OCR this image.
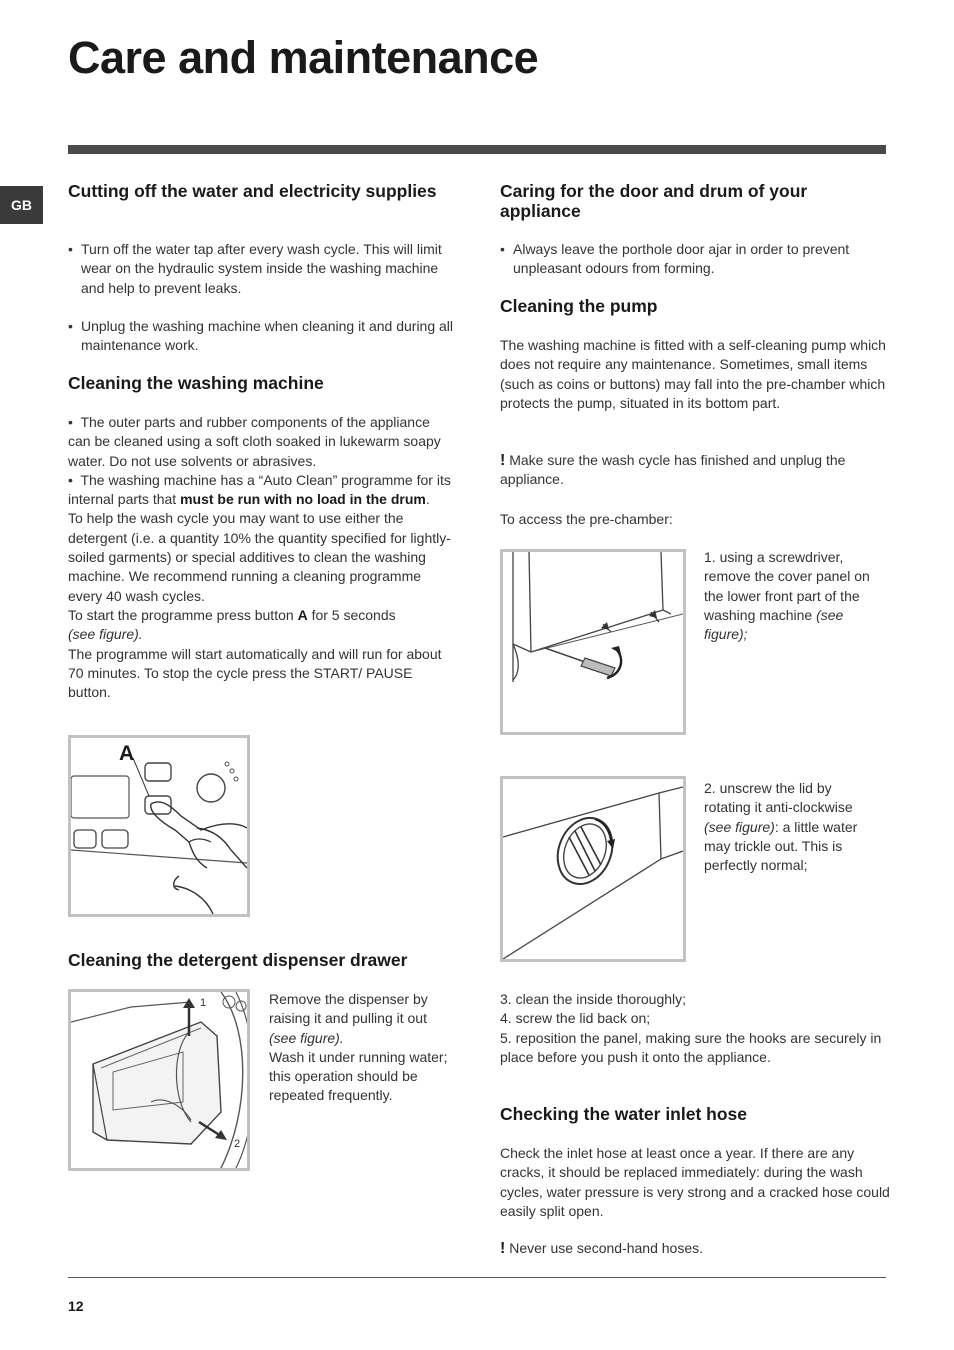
Care and maintenance
GB
Cutting off the water and electricity supplies
• Turn off the water tap after every wash cycle. This will limit wear on the hydraulic system inside the washing machine and help to prevent leaks.
• Unplug the washing machine when cleaning it and during all maintenance work.
Cleaning the washing machine

•  The outer parts and rubber components of the appliance can be cleaned using a soft cloth soaked in lukewarm soapy water. Do not use solvents or abrasives.

•  The washing machine has a “Auto Clean” programme for its internal parts that must be run with no load in the drum.

To help the wash cycle you may want to use either the detergent (i.e. a quantity 10% the quantity specified for lightly-soiled garments) or special additives to clean the washing machine. We recommend running a cleaning programme every 40 wash cycles.

To start the programme press button A for 5 seconds
(see figure).

The programme will start automatically and will run for about 70 minutes. To stop the cycle press the START/ PAUSE button.

A
Cleaning the detergent dispenser drawer
1
2

Remove the dispenser by raising it and pulling it out
(see figure).

Wash it under running water; this operation should be repeated frequently.

Caring for the door and drum of your appliance
• Always leave the porthole door ajar in order to prevent unpleasant odours from forming.
Cleaning the pump

The washing machine is fitted with a self-cleaning pump which does not require any maintenance. Sometimes, small items (such as coins or buttons) may fall into the pre-chamber which protects the pump, situated in its bottom part.

! Make sure the wash cycle has finished and unplug the appliance.

To access the pre-chamber:

1. using a screwdriver, remove the cover panel on the lower front part of the washing machine (see figure);

2. unscrew the lid by rotating it anti-clockwise (see figure): a little water may trickle out. This is perfectly normal;

3. clean the inside thoroughly;

4. screw the lid back on;

5. reposition the panel, making sure the hooks are securely in place before you push it onto the appliance.

Checking the water inlet hose

Check the inlet hose at least once a year. If there are any cracks, it should be replaced immediately: during the wash cycles, water pressure is very strong and a cracked hose could easily split open.

! Never use second-hand hoses.

12
